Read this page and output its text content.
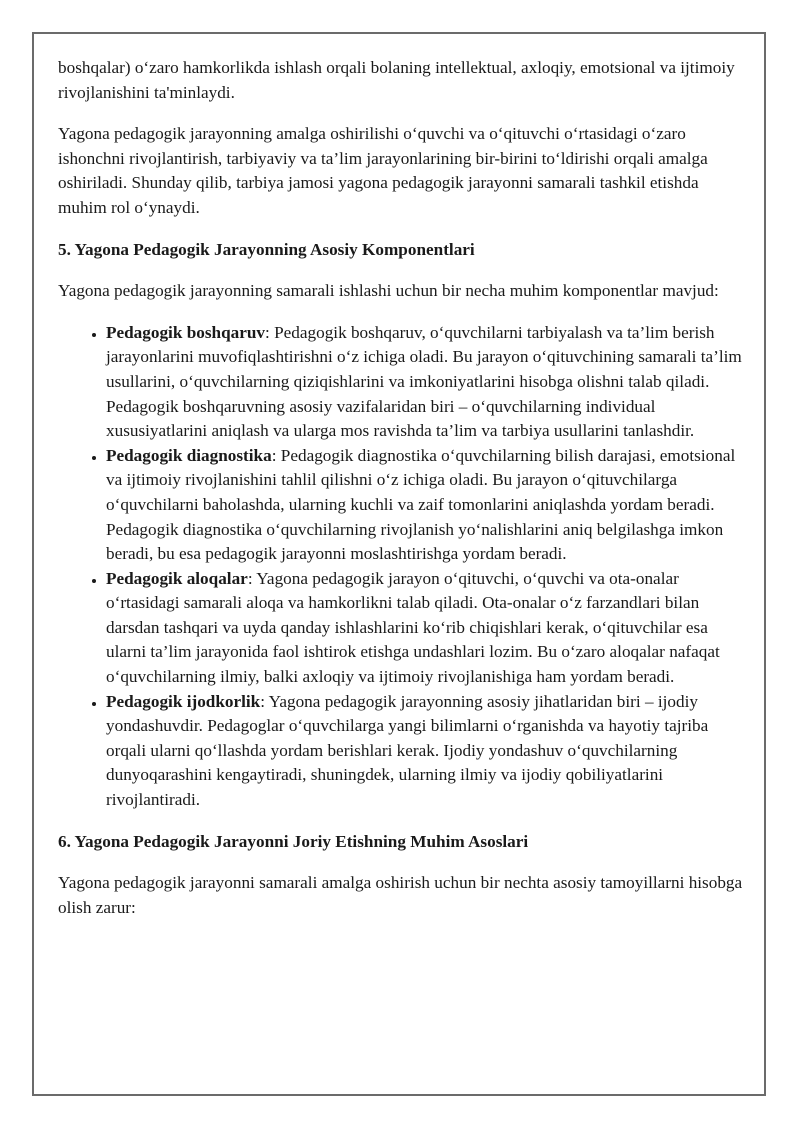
boshqalar) o‘zaro hamkorlikda ishlash orqali bolaning intellektual, axloqiy, emotsional va ijtimoiy rivojlanishini ta'minlaydi.

Yagona pedagogik jarayonning amalga oshirilishi o‘quvchi va o‘qituvchi o‘rtasidagi o‘zaro ishonchni rivojlantirish, tarbiyaviy va ta’lim jarayonlarining bir-birini to‘ldirishi orqali amalga oshiriladi. Shunday qilib, tarbiya jamosi yagona pedagogik jarayonni samarali tashkil etishda muhim rol o‘ynaydi.

5. Yagona Pedagogik Jarayonning Asosiy Komponentlari

Yagona pedagogik jarayonning samarali ishlashi uchun bir necha muhim komponentlar mavjud:

• Pedagogik boshqaruv: Pedagogik boshqaruv, o‘quvchilarni tarbiyalash va ta’lim berish jarayonlarini muvofiqlashtirishni o‘z ichiga oladi. Bu jarayon o‘qituvchining samarali ta’lim usullarini, o‘quvchilarning qiziqishlarini va imkoniyatlarini hisobga olishni talab qiladi. Pedagogik boshqaruvning asosiy vazifalaridan biri – o‘quvchilarning individual xususiyatlarini aniqlash va ularga mos ravishda ta’lim va tarbiya usullarini tanlashdir.
• Pedagogik diagnostika: Pedagogik diagnostika o‘quvchilarning bilish darajasi, emotsional va ijtimoiy rivojlanishini tahlil qilishni o‘z ichiga oladi. Bu jarayon o‘qituvchilarga o‘quvchilarni baholashda, ularning kuchli va zaif tomonlarini aniqlashda yordam beradi. Pedagogik diagnostika o‘quvchilarning rivojlanish yo‘nalishlarini aniq belgilashga imkon beradi, bu esa pedagogik jarayonni moslashtirishga yordam beradi.
• Pedagogik aloqalar: Yagona pedagogik jarayon o‘qituvchi, o‘quvchi va ota-onalar o‘rtasidagi samarali aloqa va hamkorlikni talab qiladi. Ota-onalar o‘z farzandlari bilan darsdan tashqari va uyda qanday ishlashlarini ko‘rib chiqishlari kerak, o‘qituvchilar esa ularni ta’lim jarayonida faol ishtirok etishga undashlari lozim. Bu o‘zaro aloqalar nafaqat o‘quvchilarning ilmiy, balki axloqiy va ijtimoiy rivojlanishiga ham yordam beradi.
• Pedagogik ijodkorlik: Yagona pedagogik jarayonning asosiy jihatlaridan biri – ijodiy yondashuvdir. Pedagoglar o‘quvchilarga yangi bilimlarni o‘rganishda va hayotiy tajriba orqali ularni qo‘llashda yordam berishlari kerak. Ijodiy yondashuv o‘quvchilarning dunyoqarashini kengaytiradi, shuningdek, ularning ilmiy va ijodiy qobiliyatlarini rivojlantiradi.
6. Yagona Pedagogik Jarayonni Joriy Etishning Muhim Asoslari

Yagona pedagogik jarayonni samarali amalga oshirish uchun bir nechta asosiy tamoyillarni hisobga olish zarur:
